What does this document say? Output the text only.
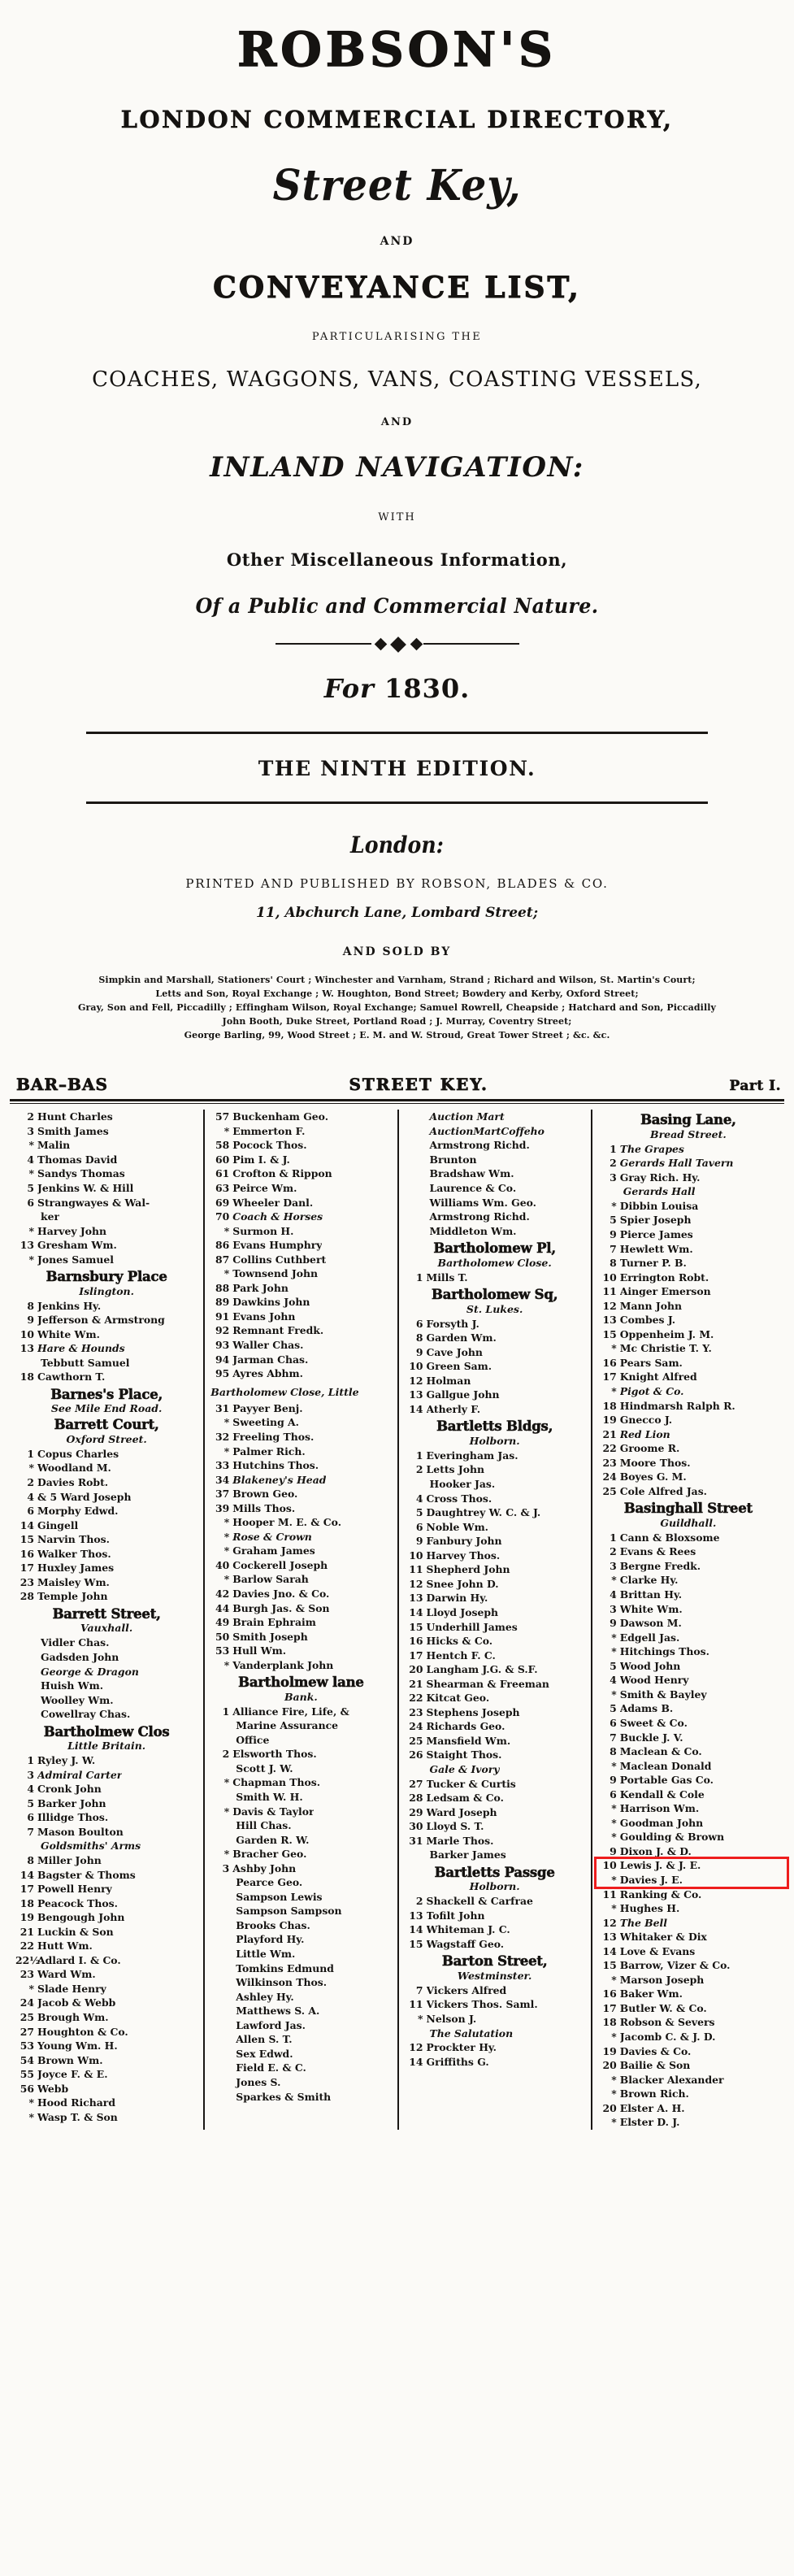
ROBSON'S
LONDON COMMERCIAL DIRECTORY,
Street Key,
AND
CONVEYANCE LIST,
PARTICULARISING THE
COACHES, WAGGONS, VANS, COASTING VESSELS,
AND
INLAND NAVIGATION:
WITH
Other Miscellaneous Information,
Of a Public and Commercial Nature.
For 1830.
THE NINTH EDITION.
London:
PRINTED AND PUBLISHED BY ROBSON, BLADES & CO.
11, Abchurch Lane, Lombard Street;
AND SOLD BY
Simpkin and Marshall, Stationers' Court ; Winchester and Varnham, Strand ; Richard and Wilson, St. Martin's Court;
Letts and Son, Royal Exchange ; W. Houghton, Bond Street; Bowdery and Kerby, Oxford Street;
Gray, Son and Fell, Piccadilly ; Effingham Wilson, Royal Exchange; Samuel Rowrell, Cheapside ; Hatchard and Son, Piccadilly
John Booth, Duke Street, Portland Road ; J. Murray, Coventry Street;
George Barling, 99, Wood Street ; E. M. and W. Stroud, Great Tower Street ; &c. &c.
BAR–BAS	STREET KEY.	Part I.
2 Hunt Charles
3 Smith James
* Malin
4 Thomas David
* Sandys Thomas
5 Jenkins W. & Hill
6 Strangwayes & Wal-
ker
* Harvey John
13 Gresham Wm.
* Jones Samuel
Barnsbury Place
Islington.
8 Jenkins Hy.
9 Jefferson & Armstrong
10 White Wm.
13 Hare & Hounds
Tebbutt Samuel
18 Cawthorn T.
Barnes's Place,
See Mile End Road.
Barrett Court,
Oxford Street.
1 Copus Charles
* Woodland M.
2 Davies Robt.
4 & 5 Ward Joseph
6 Morphy Edwd.
14 Gingell
15 Narvin Thos.
16 Walker Thos.
17 Huxley James
23 Maisley Wm.
28 Temple John
Barrett Street,
Vauxhall.
Vidler Chas.
Gadsden John
George & Dragon
Huish Wm.
Woolley Wm.
Cowellray Chas.
Bartholmew Clos
Little Britain.
1 Ryley J. W.
3 Admiral Carter
4 Cronk John
5 Barker John
6 Illidge Thos.
7 Mason Boulton
Goldsmiths' Arms
8 Miller John
14 Bagster & Thoms
17 Powell Henry
18 Peacock Thos.
19 Bengough John
21 Luckin & Son
22 Hutt Wm.
22½
Adlard I. & Co.
23 Ward Wm.
* Slade Henry
24 Jacob & Webb
25 Brough Wm.
27 Houghton & Co.
53 Young Wm. H.
54 Brown Wm.
55 Joyce F. & E.
56 Webb
* Hood Richard
* Wasp T. & Son
57 Buckenham Geo.
* Emmerton F.
58 Pocock Thos.
60 Pim I. & J.
61 Crofton & Rippon
63 Peirce Wm.
69 Wheeler Danl.
70 Coach & Horses
* Surmon H.
86 Evans Humphry
87 Collins Cuthbert
* Townsend John
88 Park John
89 Dawkins John
91 Evans John
92 Remnant Fredk.
93 Waller Chas.
94 Jarman Chas.
95 Ayres Abhm.
Bartholomew Close, Little
31 Payyer Benj.
* Sweeting A.
32 Freeling Thos.
* Palmer Rich.
33 Hutchins Thos.
34 Blakeney's Head
37 Brown Geo.
39 Mills Thos.
* Hooper M. E. & Co.
* Rose & Crown
* Graham James
40 Cockerell Joseph
* Barlow Sarah
42 Davies Jno. & Co.
44 Burgh Jas. & Son
49 Brain Ephraim
50 Smith Joseph
53 Hull Wm.
* Vanderplank John
Bartholmew lane
Bank.
1 Alliance Fire, Life, &
Marine Assurance
Office
2 Elsworth Thos.
Scott J. W.
* Chapman Thos.
Smith W. H.
* Davis & Taylor
Hill Chas.
Garden R. W.
* Bracher Geo.
3 Ashby John
Pearce Geo.
Sampson Lewis
Sampson Sampson
Brooks Chas.
Playford Hy.
Little Wm.
Tomkins Edmund
Wilkinson Thos.
Ashley Hy.
Matthews S. A.
Lawford Jas.
Allen S. T.
Sex Edwd.
Field E. & C.
Jones S.
Sparkes & Smith
Auction Mart
AuctionMartCoffeho
Armstrong Richd.
Brunton
Bradshaw Wm.
Laurence & Co.
Williams Wm. Geo.
Armstrong Richd.
Middleton Wm.
Bartholomew Pl,
Bartholomew Close.
1 Mills T.
Bartholomew Sq,
St. Lukes.
6 Forsyth J.
8 Garden Wm.
9 Cave John
10 Green Sam.
12 Holman
13 Gallgue John
14 Atherly F.
Bartletts Bldgs,
Holborn.
1 Everingham Jas.
2 Letts John
Hooker Jas.
4 Cross Thos.
5 Daughtrey W. C. & J.
6 Noble Wm.
9 Fanbury John
10 Harvey Thos.
11 Shepherd John
12 Snee John D.
13 Darwin Hy.
14 Lloyd Joseph
15 Underhill James
16 Hicks & Co.
17 Hentch F. C.
20 Langham J.G. & S.F.
21 Shearman & Freeman
22 Kitcat Geo.
23 Stephens Joseph
24 Richards Geo.
25 Mansfield Wm.
26 Staight Thos.
Gale & Ivory
27 Tucker & Curtis
28 Ledsam & Co.
29 Ward Joseph
30 Lloyd S. T.
31 Marle Thos.
Barker James
Bartletts Passge
Holborn.
2 Shackell & Carfrae
13 Tofilt John
14 Whiteman J. C.
15 Wagstaff Geo.
Barton Street,
Westminster.
7 Vickers Alfred
11 Vickers Thos. Saml.
* Nelson J.
The Salutation
12 Prockter Hy.
14 Griffiths G.
Basing Lane,
Bread Street.
1 The Grapes
2 Gerards Hall Tavern
3 Gray Rich. Hy.
Gerards Hall
* Dibbin Louisa
5 Spier Joseph
9 Pierce James
7 Hewlett Wm.
8 Turner P. B.
10 Errington Robt.
11 Ainger Emerson
12 Mann John
13 Combes J.
15 Oppenheim J. M.
* Mc Christie T. Y.
16 Pears Sam.
17 Knight Alfred
* Pigot & Co.
18 Hindmarsh Ralph R.
19 Gnecco J.
21 Red Lion
22 Groome R.
23 Moore Thos.
24 Boyes G. M.
25 Cole Alfred Jas.
Basinghall Street
Guildhall.
1 Cann & Bloxsome
2 Evans & Rees
3 Bergne Fredk.
* Clarke Hy.
4 Brittan Hy.
3 White Wm.
9 Dawson M.
* Edgell Jas.
* Hitchings Thos.
5 Wood John
4 Wood Henry
* Smith & Bayley
5 Adams B.
6 Sweet & Co.
7 Buckle J. V.
8 Maclean & Co.
* Maclean Donald
9 Portable Gas Co.
6 Kendall & Cole
* Harrison Wm.
* Goodman John
* Goulding & Brown
9 Dixon J. & D.
10 Lewis J. & J. E.
* Davies J. E.
11 Ranking & Co.
* Hughes H.
12 The Bell
13 Whitaker & Dix
14 Love & Evans
15 Barrow, Vizer & Co.
* Marson Joseph
16 Baker Wm.
17 Butler W. & Co.
18 Robson & Severs
* Jacomb C. & J. D.
19 Davies & Co.
20 Bailie & Son
* Blacker Alexander
* Brown Rich.
20 Elster A. H.
* Elster D. J.
